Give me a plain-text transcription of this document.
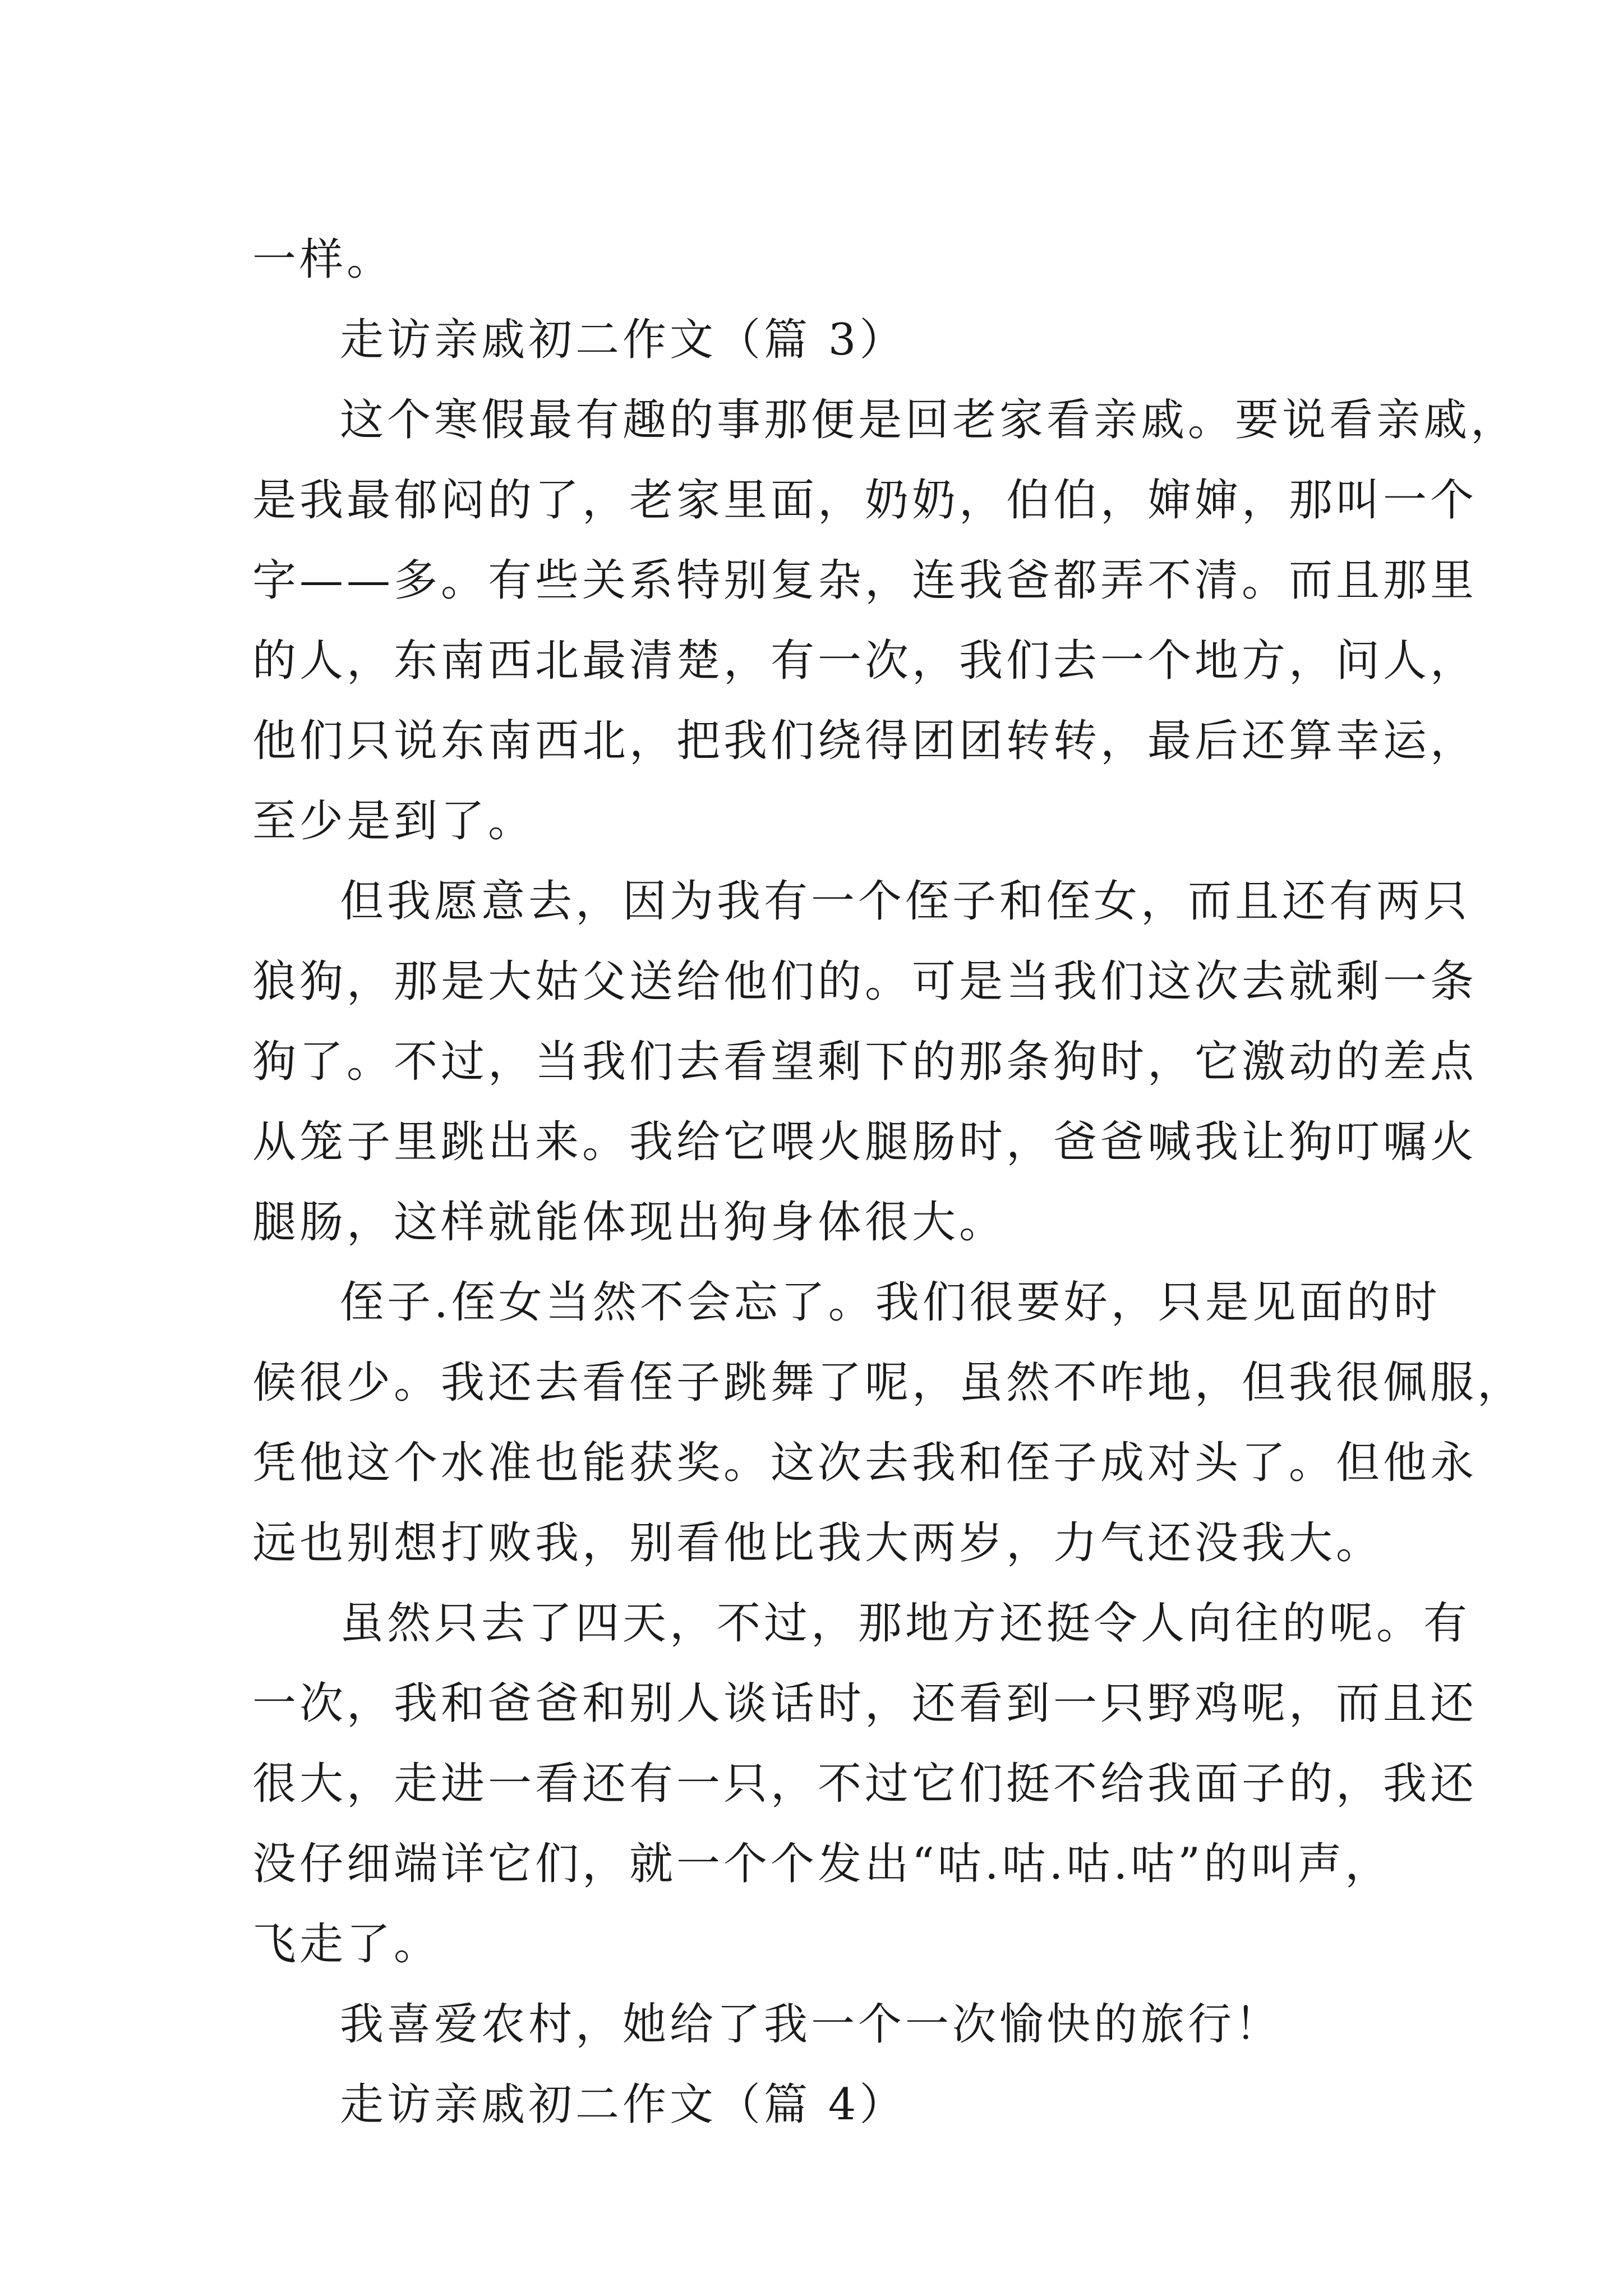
一样。
走访亲戚初二作文（篇 3）
这个寒假最有趣的事那便是回老家看亲戚。要说看亲戚，
是我最郁闷的了，老家里面，奶奶，伯伯，婶婶，那叫一个
字——多。有些关系特别复杂，连我爸都弄不清。而且那里
的人，东南西北最清楚，有一次，我们去一个地方，问人，
他们只说东南西北，把我们绕得团团转转，最后还算幸运，
至少是到了。
但我愿意去，因为我有一个侄子和侄女，而且还有两只
狼狗，那是大姑父送给他们的。可是当我们这次去就剩一条
狗了。不过，当我们去看望剩下的那条狗时，它激动的差点
从笼子里跳出来。我给它喂火腿肠时，爸爸喊我让狗叮嘱火
腿肠，这样就能体现出狗身体很大。
侄子.侄女当然不会忘了。我们很要好，只是见面的时
候很少。我还去看侄子跳舞了呢，虽然不咋地，但我很佩服，
凭他这个水准也能获奖。这次去我和侄子成对头了。但他永
远也别想打败我，别看他比我大两岁，力气还没我大。
虽然只去了四天，不过，那地方还挺令人向往的呢。有
一次，我和爸爸和别人谈话时，还看到一只野鸡呢，而且还
很大，走进一看还有一只，不过它们挺不给我面子的，我还
没仔细端详它们，就一个个发出“咕.咕.咕.咕”的叫声，
飞走了。
我喜爱农村，她给了我一个一次愉快的旅行！
走访亲戚初二作文（篇 4）
